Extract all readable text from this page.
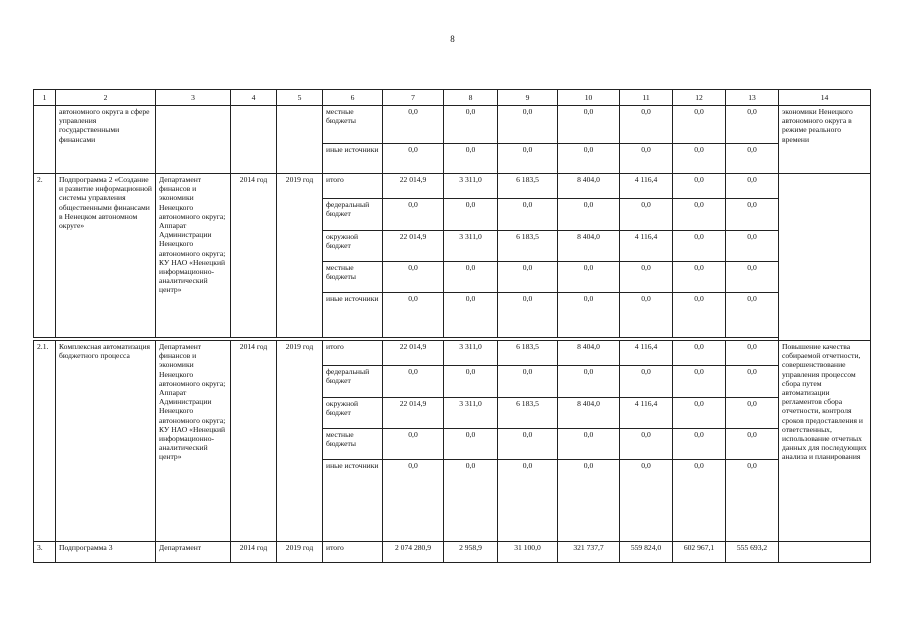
8
1	2	3	4	5	6	7	8	9	10	11	12	13	14
	автономного округа в сфере управления государственными финансами				местные бюджеты	0,0	0,0	0,0	0,0	0,0	0,0	0,0	экономики Ненецкого автономного округа в режиме реального времени
					иные источники	0,0	0,0	0,0	0,0	0,0	0,0	0,0	
2.	Подпрограмма 2 «Создание и развитие информационной системы управления общественными финансами в Ненецком автономном округе»	Департамент финансов и экономики Ненецкого автономного округа; Аппарат Администрации Ненецкого автономного округа; КУ НАО «Ненецкий информационно-аналитический центр»	2014 год	2019 год	итого	22 014,9	3 311,0	6 183,5	8 404,0	4 116,4	0,0	0,0	
					федеральный бюджет	0,0	0,0	0,0	0,0	0,0	0,0	0,0	
					окружной бюджет	22 014,9	3 311,0	6 183,5	8 404,0	4 116,4	0,0	0,0	
					местные бюджеты	0,0	0,0	0,0	0,0	0,0	0,0	0,0	
					иные источники	0,0	0,0	0,0	0,0	0,0	0,0	0,0	

2.1.	Комплексная автоматизация бюджетного процесса	Департамент финансов и экономики Ненецкого автономного округа; Аппарат Администрации Ненецкого автономного округа; КУ НАО «Ненецкий информационно-аналитический центр»	2014 год	2019 год	итого	22 014,9	3 311,0	6 183,5	8 404,0	4 116,4	0,0	0,0	Повышение качества собираемой отчетности, совершенствование управления процессом сбора путем автоматизации регламентов сбора отчетности, контроля сроков предоставления и ответственных, использование отчетных данных для последующих анализа и планирования
					федеральный бюджет	0,0	0,0	0,0	0,0	0,0	0,0	0,0	
					окружной бюджет	22 014,9	3 311,0	6 183,5	8 404,0	4 116,4	0,0	0,0	
					местные бюджеты	0,0	0,0	0,0	0,0	0,0	0,0	0,0	
					иные источники	0,0	0,0	0,0	0,0	0,0	0,0	0,0	
3.	Подпрограмма 3	Департамент	2014 год	2019 год	итого	2 074 280,9	2 958,9	31 100,0	321 737,7	559 824,0	602 967,1	555 693,2	
